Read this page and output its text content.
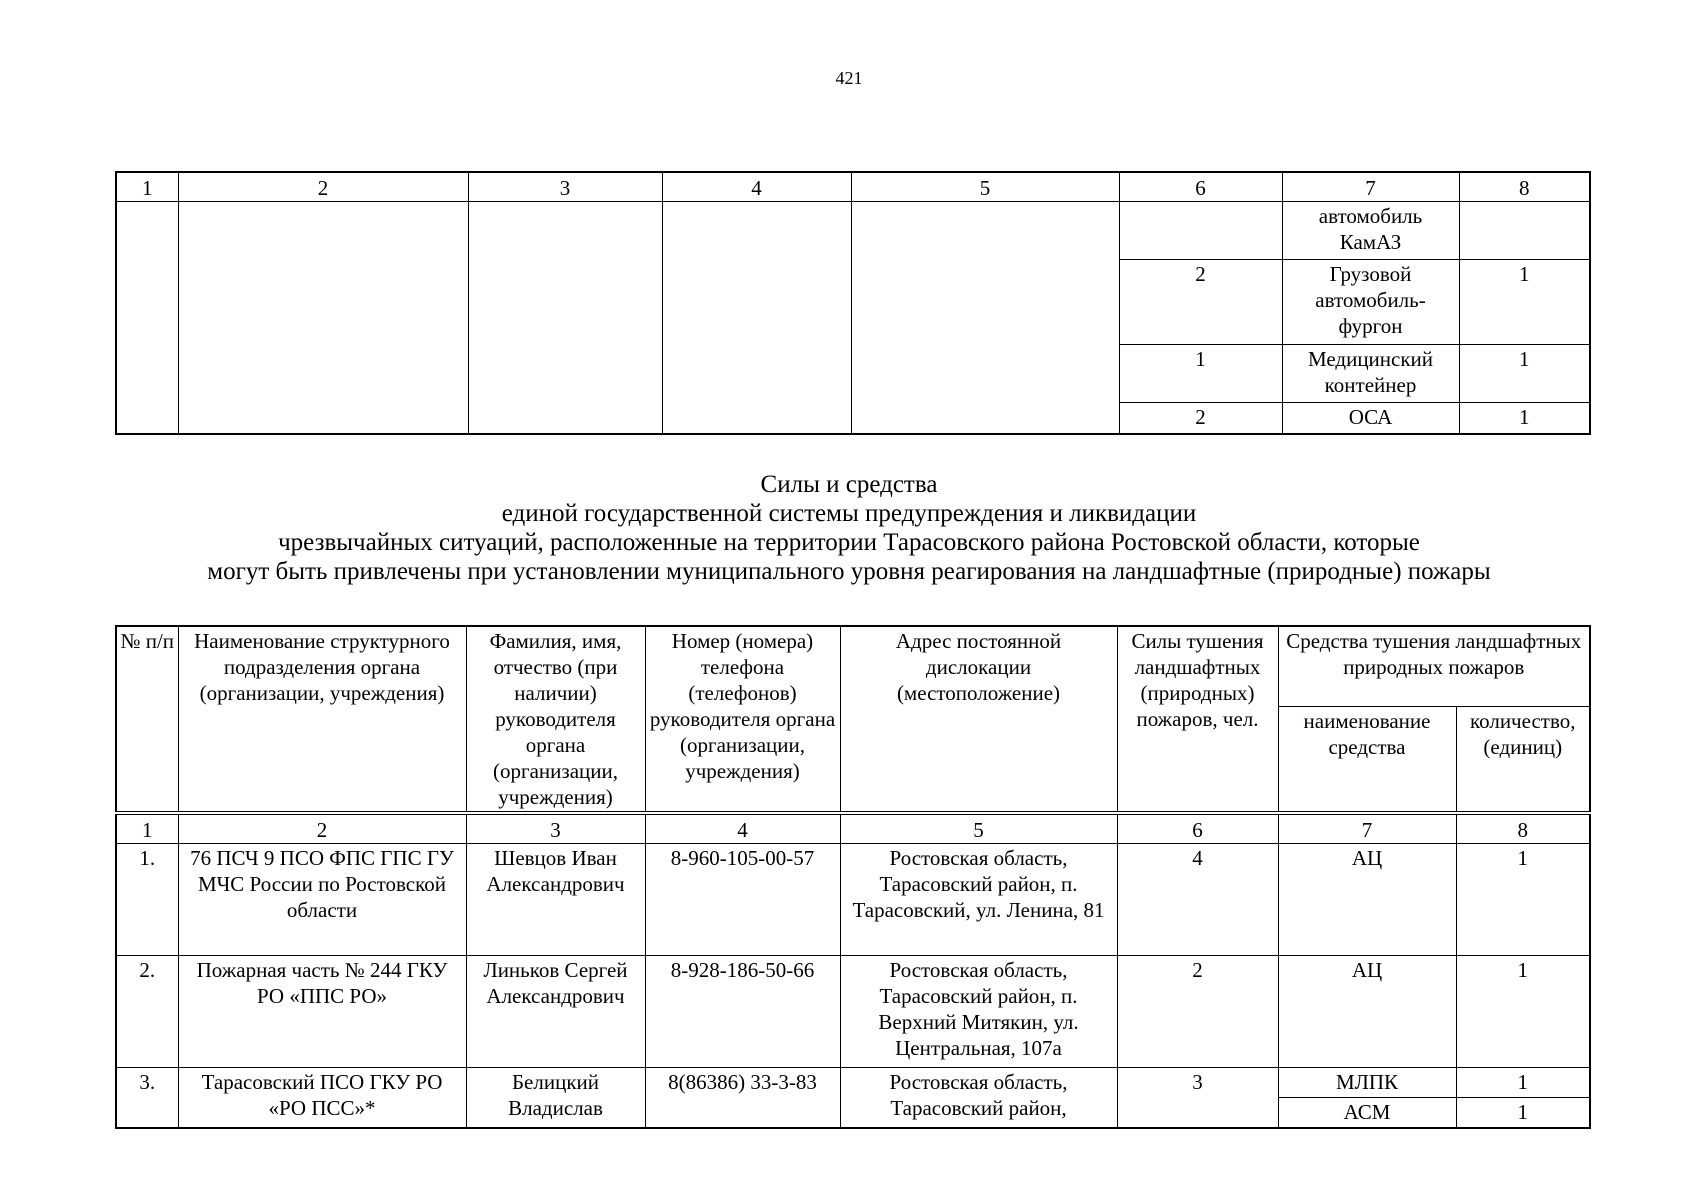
421
1	2	3	4	5	6	7	8
						автомобиль КамАЗ	
					2	Грузовой автомобиль-фургон	1
					1	Медицинский контейнер	1
					2	ОСА	1
Силы и средства
единой государственной системы предупреждения и ликвидации
чрезвычайных ситуаций, расположенные на территории Тарасовского района Ростовской области, которые
могут быть привлечены при установлении муниципального уровня реагирования на ландшафтные (природные) пожары
№ п/п	Наименование структурного подразделения органа (организации, учреждения)	Фамилия, имя, отчество (при наличии) руководителя органа (организации, учреждения)	Номер (номера) телефона (телефонов) руководителя органа (организации, учреждения)	Адрес постоянной дислокации (местоположение)	Силы тушения ландшафтных (природных) пожаров, чел.	Средства тушения ландшафтных природных пожаров	
						наименование средства	количество, (единиц)
1	2	3	4	5	6	7	8
1.	76 ПСЧ 9 ПСО ФПС ГПС ГУ МЧС России по Ростовской области	Шевцов Иван Александрович	8-960-105-00-57	Ростовская область, Тарасовский район, п. Тарасовский, ул. Ленина, 81	4	АЦ	1
2.	Пожарная часть № 244 ГКУ РО «ППС РО»	Линьков Сергей Александрович	8-928-186-50-66	Ростовская область, Тарасовский район, п. Верхний Митякин, ул. Центральная, 107а	2	АЦ	1
3.	Тарасовский ПСО ГКУ РО «РО ПСС»*	Белицкий Владислав	8(86386) 33-3-83	Ростовская область, Тарасовский район,	3	МЛПК	1
						АСМ	1
